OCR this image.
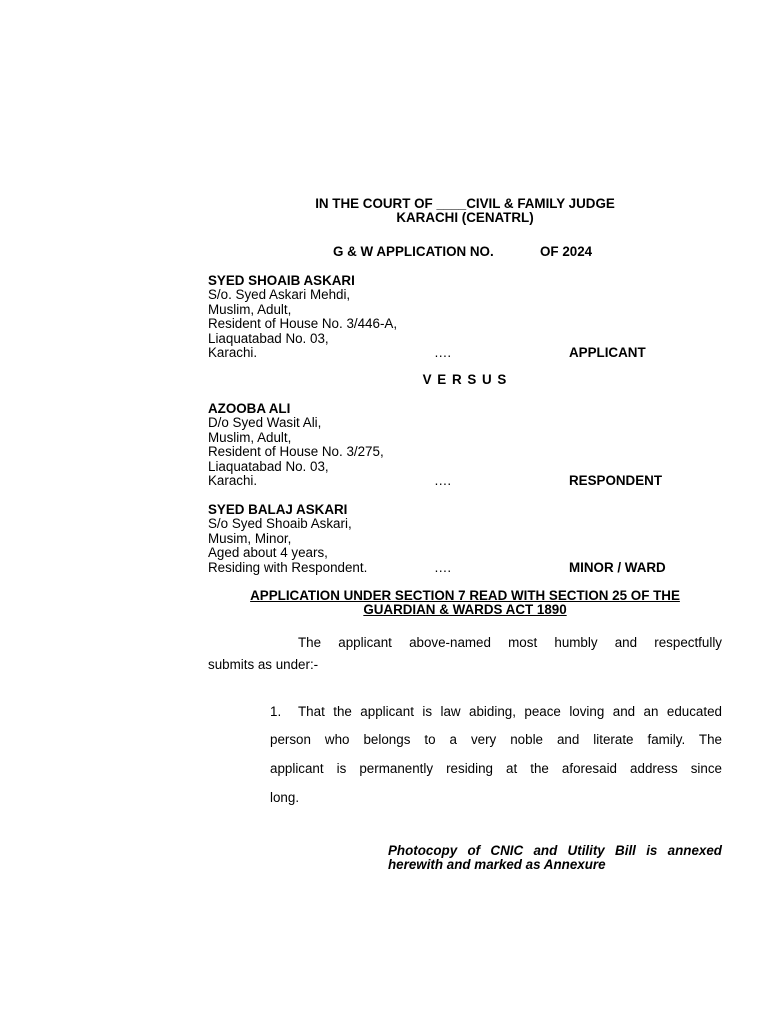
IN THE COURT OF ____CIVIL & FAMILY JUDGE
KARACHI (CENATRL)
G & W APPLICATION NO.	OF 2024
SYED SHOAIB ASKARI
S/o. Syed Askari Mehdi,
Muslim, Adult,
Resident of House No. 3/446-A,
Liaquatabad No. 03,
Karachi.	….	APPLICANT
V E R S U S
AZOOBA ALI
D/o Syed Wasit Ali,
Muslim, Adult,
Resident of House No. 3/275,
Liaquatabad No. 03,
Karachi.	….	RESPONDENT
SYED BALAJ ASKARI
S/o Syed Shoaib Askari,
Musim, Minor,
Aged about 4 years,
Residing with Respondent.	….	MINOR / WARD
APPLICATION UNDER SECTION 7 READ WITH SECTION 25 OF THE
GUARDIAN & WARDS ACT 1890
The applicant above-named most humbly and respectfully
submits as under:-
1. That the applicant is law abiding, peace loving and an educated
person who belongs to a very noble and literate family. The
applicant is permanently residing at the aforesaid address since
long.
Photocopy of CNIC and Utility Bill is annexed
herewith and marked as Annexure
